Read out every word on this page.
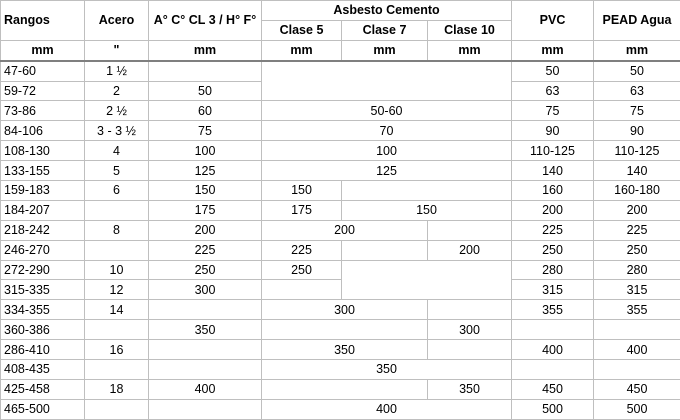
Rangos	Acero	A° C° CL 3 / H° F°	Asbesto Cemento			PVC	PEAD Agua
			Clase 5	Clase 7	Clase 10		
mm	"	mm	mm	mm	mm	mm	mm
47-60	1 ½					50	50
59-72	2	50				63	63
73-86	2 ½	60	50-60			75	75
84-106	3 - 3 ½	75	70			90	90
108-130	4	100	100			110-125	110-125
133-155	5	125	125			140	140
159-183	6	150	150			160	160-180
184-207		175	175	150		200	200
218-242	8	200	200			225	225
246-270		225	225		200	250	250
272-290	10	250	250			280	280
315-335	12	300				315	315
334-355	14		300			355	355
360-386		350			300		
286-410	16		350			400	400
408-435			350				
425-458	18	400			350	450	450
465-500			400			500	500
